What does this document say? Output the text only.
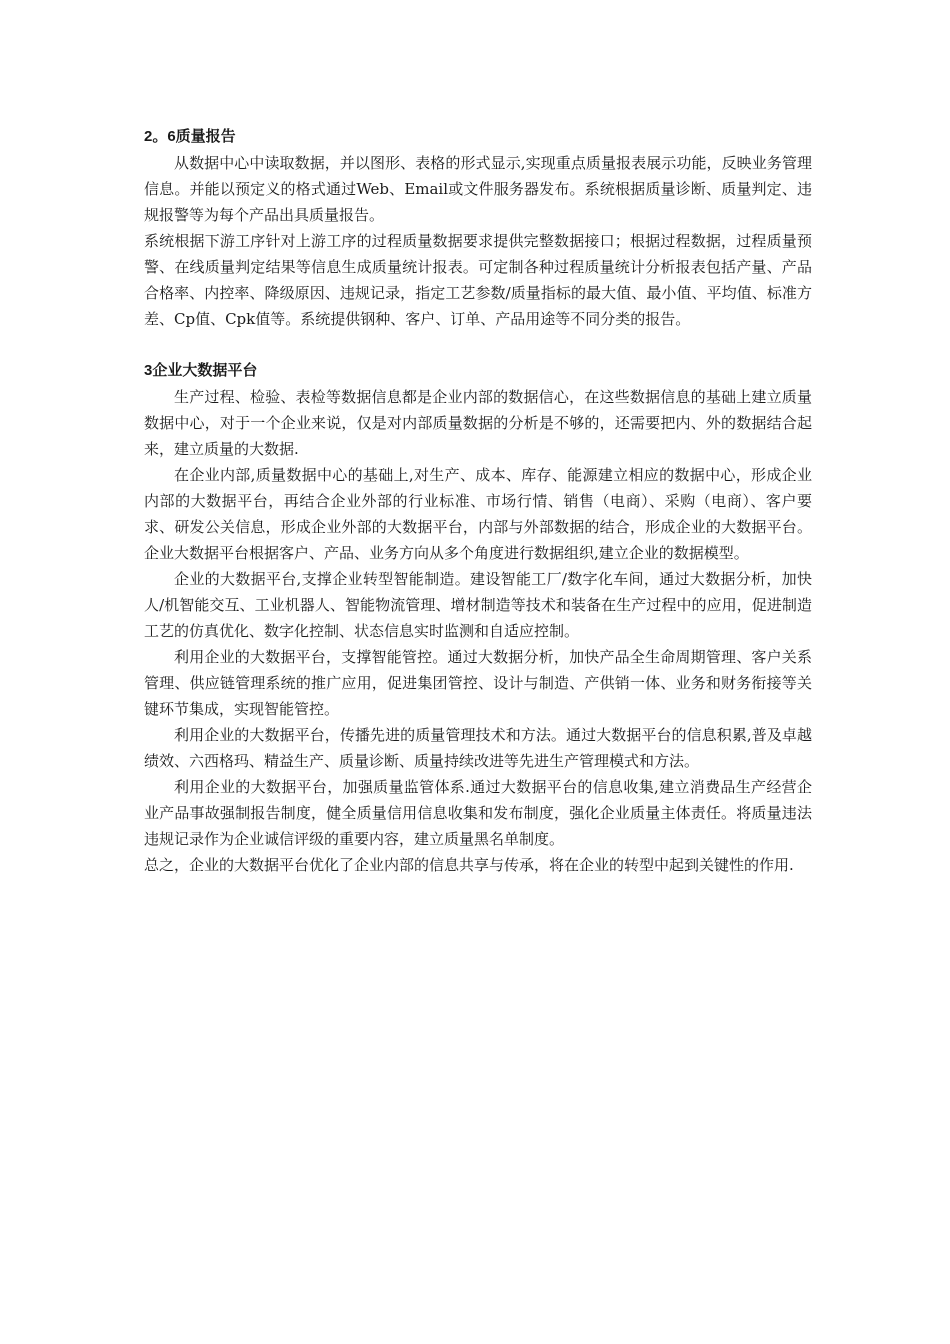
2。6质量报告

从数据中心中读取数据，并以图形、表格的形式显示,实现重点质量报表展示功能，反映业务管理信息。并能以预定义的格式通过Web、Email或文件服务器发布。系统根据质量诊断、质量判定、违规报警等为每个产品出具质量报告。

系统根据下游工序针对上游工序的过程质量数据要求提供完整数据接口；根据过程数据，过程质量预警、在线质量判定结果等信息生成质量统计报表。可定制各种过程质量统计分析报表包括产量、产品合格率、内控率、降级原因、违规记录，指定工艺参数/质量指标的最大值、最小值、平均值、标准方差、Cp值、Cpk值等。系统提供钢种、客户、订单、产品用途等不同分类的报告。

3企业大数据平台

生产过程、检验、表检等数据信息都是企业内部的数据信心，在这些数据信息的基础上建立质量数据中心，对于一个企业来说，仅是对内部质量数据的分析是不够的，还需要把内、外的数据结合起来，建立质量的大数据.

在企业内部,质量数据中心的基础上,对生产、成本、库存、能源建立相应的数据中心，形成企业内部的大数据平台，再结合企业外部的行业标准、市场行情、销售（电商）、采购（电商）、客户要求、研发公关信息，形成企业外部的大数据平台，内部与外部数据的结合，形成企业的大数据平台。企业大数据平台根据客户、产品、业务方向从多个角度进行数据组织,建立企业的数据模型。

企业的大数据平台,支撑企业转型智能制造。建设智能工厂/数字化车间，通过大数据分析，加快人/机智能交互、工业机器人、智能物流管理、增材制造等技术和装备在生产过程中的应用，促进制造工艺的仿真优化、数字化控制、状态信息实时监测和自适应控制。

利用企业的大数据平台，支撑智能管控。通过大数据分析，加快产品全生命周期管理、客户关系管理、供应链管理系统的推广应用，促进集团管控、设计与制造、产供销一体、业务和财务衔接等关键环节集成，实现智能管控。

利用企业的大数据平台，传播先进的质量管理技术和方法。通过大数据平台的信息积累,普及卓越绩效、六西格玛、精益生产、质量诊断、质量持续改进等先进生产管理模式和方法。

利用企业的大数据平台，加强质量监管体系.通过大数据平台的信息收集,建立消费品生产经营企业产品事故强制报告制度，健全质量信用信息收集和发布制度，强化企业质量主体责任。将质量违法违规记录作为企业诚信评级的重要内容，建立质量黑名单制度。

总之，企业的大数据平台优化了企业内部的信息共享与传承，将在企业的转型中起到关键性的作用.
